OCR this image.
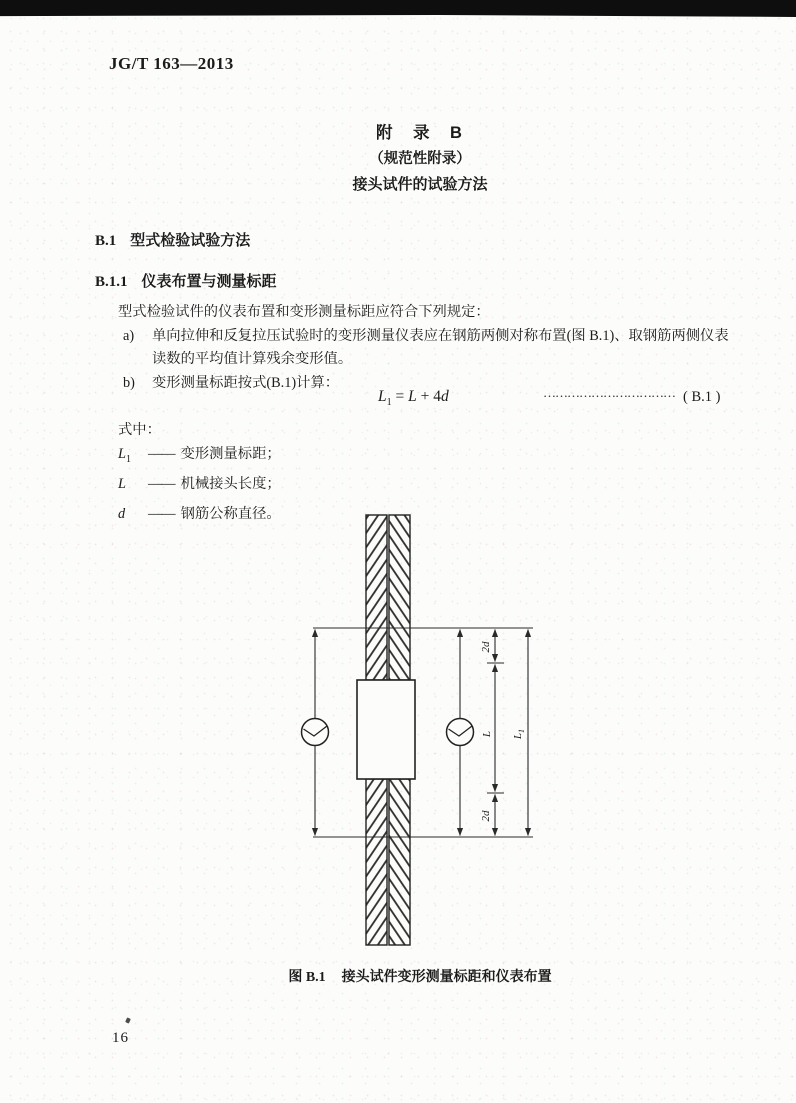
JG/T 163—2013
附　录　B
（规范性附录）
接头试件的试验方法
B.1 型式检验试验方法
B.1.1 仪表布置与测量标距
型式检验试件的仪表布置和变形测量标距应符合下列规定：
a) 单向拉伸和反复拉压试验时的变形测量仪表应在钢筋两侧对称布置(图 B.1)、取钢筋两侧仪表读数的平均值计算残余变形值。
b) 变形测量标距按式(B.1)计算：
$L_1 = L + 4d$	…………………………… ( B.1 )
式中：
$L_1$ —— 变形测量标距；
L —— 机械接头长度；
d —— 钢筋公称直径。
2d
L
2d
$L_1$
图 B.1 接头试件变形测量标距和仪表布置
16
